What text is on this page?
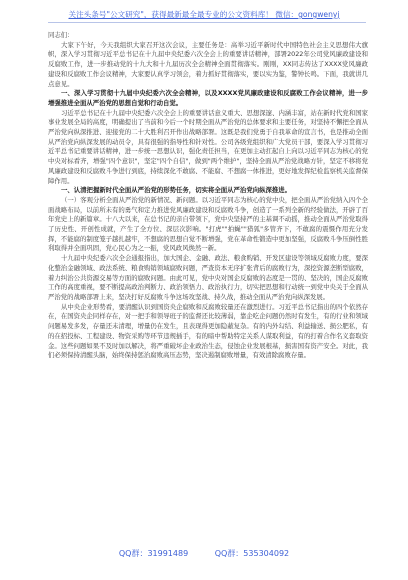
关注头条号"公文研究"，获得最新最全最专业的公文资料库！ 微信：gongwenyj

同志们：

大家下午好，今天我组织大家召开这次会议，主要任务是：高举习近平新时代中国特色社会主义思想伟大旗帜，深入学习贯彻习近平总书记在十九届中央纪委六次全会上的重要讲话精神，部署2022年公司党风廉政建设和反腐败工作，进一步推动党的十九大和十九届历次全会精神全面贯彻落实。刚刚，XX同志传达了XXXX党风廉政建设和反腐败工作会议精神，大家要认真学习领会，着力抓好贯彻落实，要以实为鉴，警钟长鸣。下面，我就讲几点意见。

一、深入学习贯彻十九届中央纪委六次全会精神，以及XXXX党风廉政建设和反腐败工作会议精神，进一步增强推进全面从严治党的思想自觉和行动自觉。

习近平总书记在十九届中央纪委六次全会上的重要讲话意义重大、思想深邃、内涵丰富，站在新时代党和国家事业发展全局的高度，明确提出了当前和今后一个时期全面从严治党的总体要求和主要任务，对坚持不懈把全面从严治党向纵深推进、迎接党的二十大胜利召开作出战略部署。这既是我们党勇于自我革命的宣言书，也是推动全面从严治党向纵深发展的动员令，具有很强的指导性和针对性。公司各级党组织和广大党员干部，要深入学习贯彻习近平总书记重要讲话精神，进一步统一思想认识，强化责任担当，在更加主动扛起自上向以习近平同志为核心的党中央对标看齐，增强"四个意识"，坚定"四个自信"，做到"两个维护"，坚持全面从严治党战略方针，坚定不移将党风廉政建设和反腐败斗争进行到底，持续深化不敢腐、不能腐、不想腐一体推进，更好地发挥纪检监察机关监督保障作用。

一、认清把握新时代全面从严治党的形势任务，切实将全面从严治党向纵深推进。

（一）客观分析全面从严治党的新情况、新问题。以习近平同志为核心的党中央，把全面从严治党纳入四个全面战略布局，以前所未有的勇气和定力推进党风廉政建设和反腐败斗争，创造了一系列全新的经验做法，开辟了百年党史上的新篇章。十八大以来，在总书记的亲自带领下，党中央坚持严的主基调不动摇，推动全面从严治党取得了历史性、开创性成就，产生了全方位、深层次影响。"打虎""拍蝇""猎狐"多管齐下，不敢腐的震慑作用充分发挥，不能腐的制度笼子越扎越牢，不想腐的思想自觉不断增强，党在革命性锻造中更加坚强，反腐败斗争压倒性胜利取得并全面巩固，党心民心为之一振，党风政风焕然一新。

十九届中央纪委六次全会通报指出，加大国企、金融、政法、粮食购销、开发区建设等领域反腐败力度，要深化整治金融领域、政法系统、粮食购销领域腐败问题，严查资本无序扩张背后的腐败行为，深挖资源垄断型腐败，着力纠治公共资源交易等方面的腐败问题。由此可见，党中央对国企反腐败的态度是一贯的、坚决的，国企反腐败工作的高度重视，要不断提高政治判断力、政治领悟力、政治执行力，切实把思想和行动统一到党中央关于全面从严治党的战略部署上来，坚决打好反腐败斗争这场攻坚战、持久战，推动全面从严治党向纵深发展。

从中央企业形势看，要清醒认识到国资央企腐败和反腐败较量还在激烈进行。习近平总书记指出的四个依然存在，在国资央企同样存在，对一把手和领导班子的监督还比较薄弱，靠企吃企问题仍然时有发生，有的行业和领域问题易发多发，存量还未清理，增量仍在发生，且表现得更加隐蔽复杂。有的内外勾结、利益输送、损公肥私，有的在招投标、工程建设、物资采购等环节违规插手，有的暗中帮助特定关系人谋取利益，有的打着合作名义套取资金。这些问题如果不及时加以解决，将严重破坏企业政治生态，侵蚀企业发展根基，损害国有资产安全。对此，我们必须保持清醒头脑，始终保持惩治腐败高压态势，坚决遏制腐败增量，有效清除腐败存量。

QQ群：31991489	QQ群：535304092
